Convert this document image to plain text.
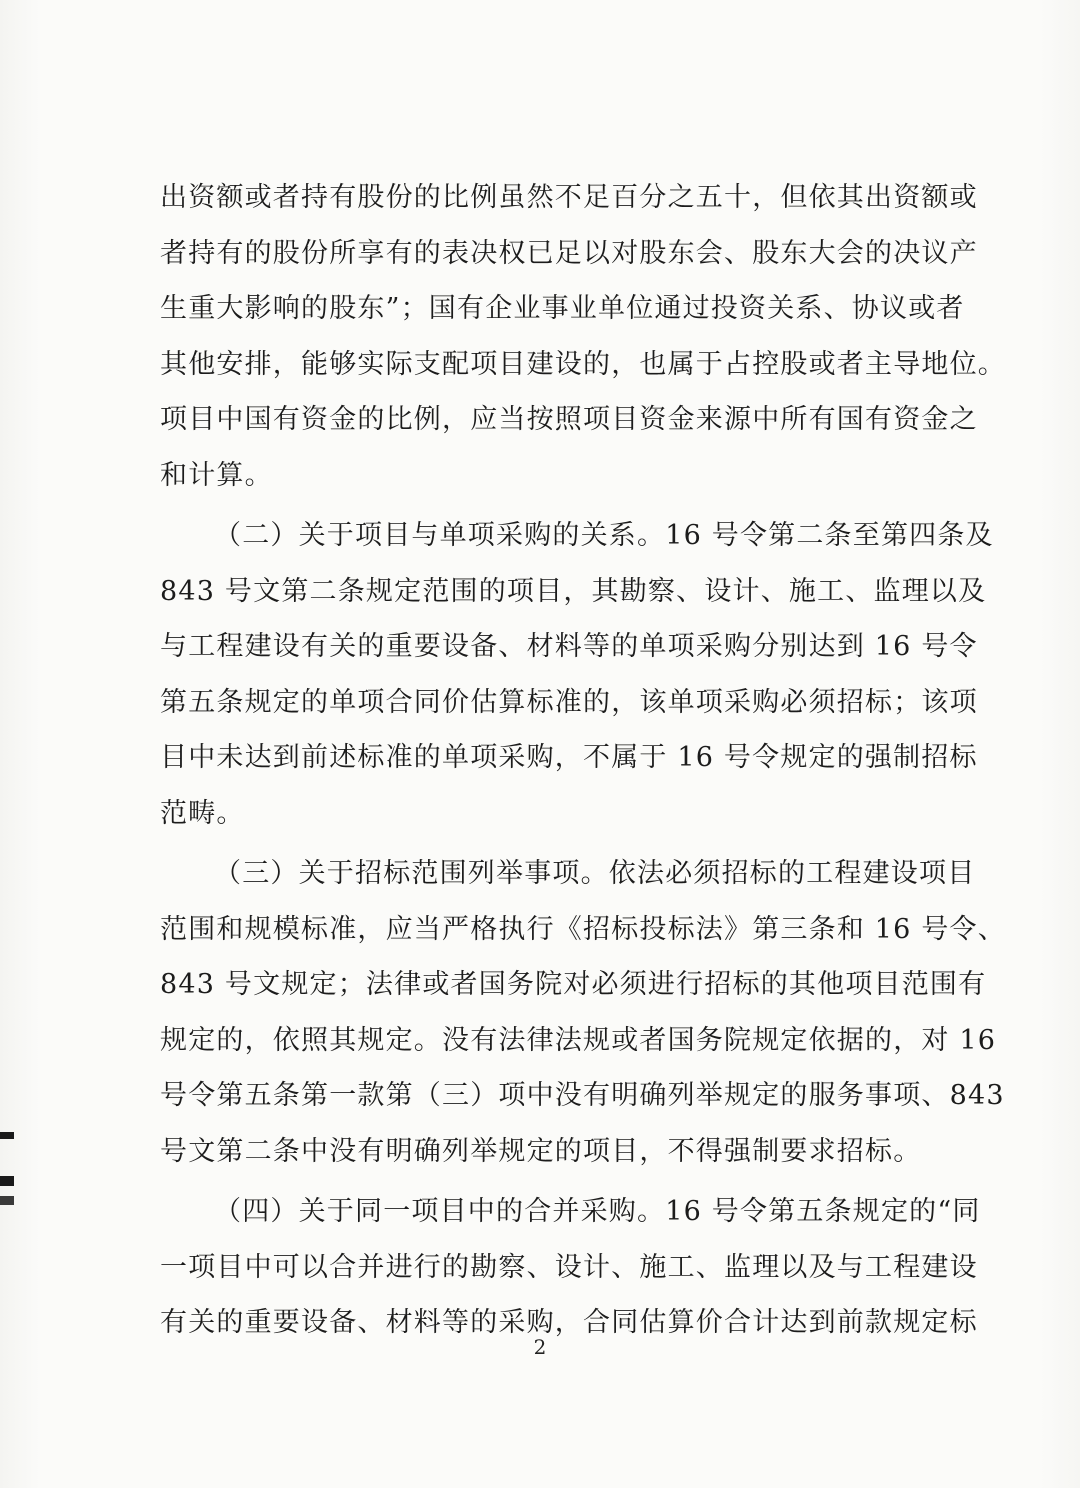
出资额或者持有股份的比例虽然不足百分之五十，但依其出资额或
者持有的股份所享有的表决权已足以对股东会、股东大会的决议产
生重大影响的股东”；国有企业事业单位通过投资关系、协议或者
其他安排，能够实际支配项目建设的，也属于占控股或者主导地位。
项目中国有资金的比例，应当按照项目资金来源中所有国有资金之
和计算。
（二）关于项目与单项采购的关系。16 号令第二条至第四条及
843 号文第二条规定范围的项目，其勘察、设计、施工、监理以及
与工程建设有关的重要设备、材料等的单项采购分别达到 16 号令
第五条规定的单项合同价估算标准的，该单项采购必须招标；该项
目中未达到前述标准的单项采购，不属于 16 号令规定的强制招标
范畴。
（三）关于招标范围列举事项。依法必须招标的工程建设项目
范围和规模标准，应当严格执行《招标投标法》第三条和 16 号令、
843 号文规定；法律或者国务院对必须进行招标的其他项目范围有
规定的，依照其规定。没有法律法规或者国务院规定依据的，对 16
号令第五条第一款第（三）项中没有明确列举规定的服务事项、843
号文第二条中没有明确列举规定的项目，不得强制要求招标。
（四）关于同一项目中的合并采购。16 号令第五条规定的“同
一项目中可以合并进行的勘察、设计、施工、监理以及与工程建设
有关的重要设备、材料等的采购，合同估算价合计达到前款规定标
2
